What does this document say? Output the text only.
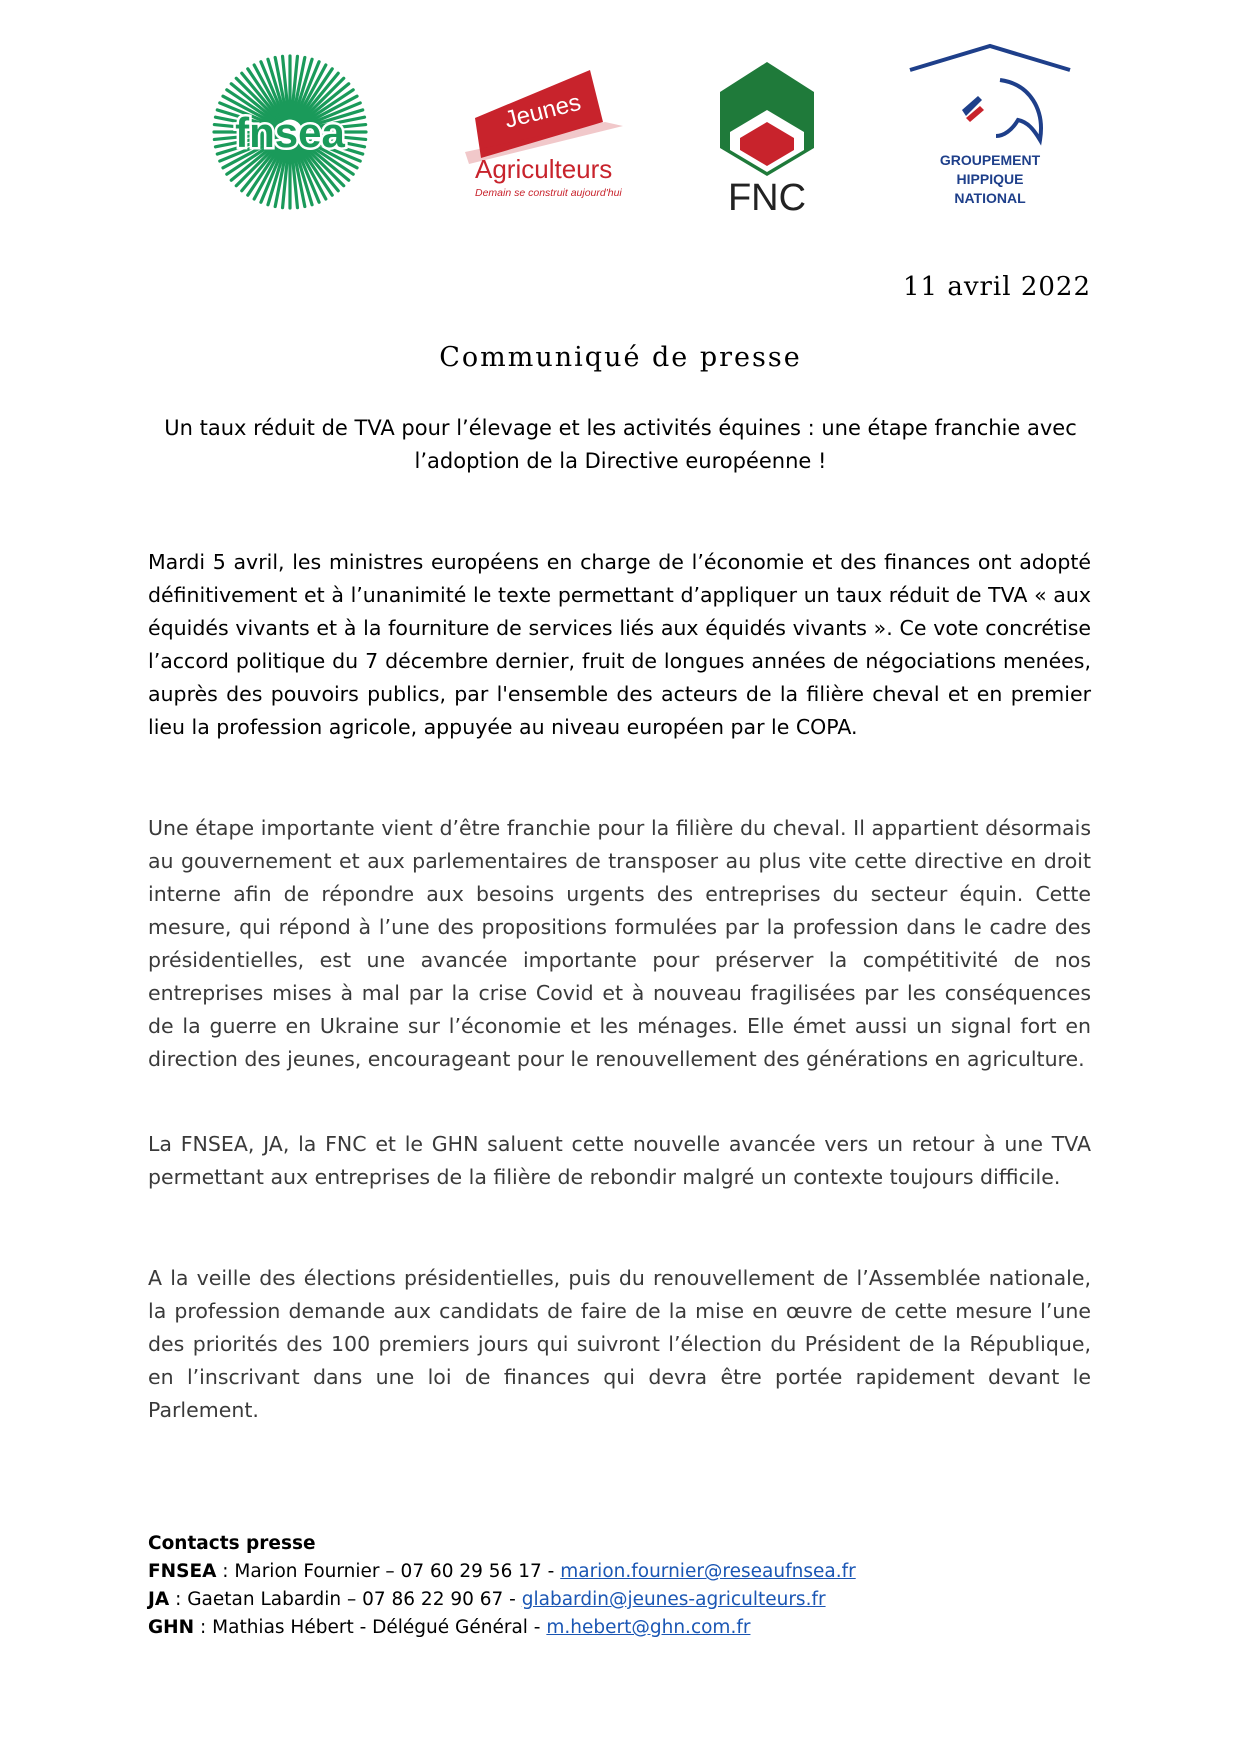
fnsea	Jeunes
Agriculteurs
Demain se construit aujourd'hui	FNC
GROUPEMENT
HIPPIQUE
NATIONAL
11 avril 2022
Communiqué de presse
Un taux réduit de TVA pour l’élevage et les activités équines : une étape franchie avec l’adoption de la Directive européenne !
Mardi 5 avril, les ministres européens en charge de l’économie et des finances ont adopté définitivement et à l’unanimité le texte permettant d’appliquer un taux réduit de TVA « aux équidés vivants et à la fourniture de services liés aux équidés vivants ». Ce vote concrétise l’accord politique du 7 décembre dernier, fruit de longues années de négociations menées, auprès des pouvoirs publics, par l'ensemble des acteurs de la filière cheval et en premier lieu la profession agricole, appuyée au niveau européen par le COPA.
Une étape importante vient d’être franchie pour la filière du cheval. Il appartient désormais au gouvernement et aux parlementaires de transposer au plus vite cette directive en droit interne afin de répondre aux besoins urgents des entreprises du secteur équin. Cette mesure, qui répond à l’une des propositions formulées par la profession dans le cadre des présidentielles, est une avancée importante pour préserver la compétitivité de nos entreprises mises à mal par la crise Covid et à nouveau fragilisées par les conséquences de la guerre en Ukraine sur l’économie et les ménages. Elle émet aussi un signal fort en direction des jeunes, encourageant pour le renouvellement des générations en agriculture.
La FNSEA, JA, la FNC et le GHN saluent cette nouvelle avancée vers un retour à une TVA permettant aux entreprises de la filière de rebondir malgré un contexte toujours difficile.
A la veille des élections présidentielles, puis du renouvellement de l’Assemblée nationale, la profession demande aux candidats de faire de la mise en œuvre de cette mesure l’une des priorités des 100 premiers jours qui suivront l’élection du Président de la République, en l’inscrivant dans une loi de finances qui devra être portée rapidement devant le Parlement.
Contacts presse
FNSEA : Marion Fournier – 07 60 29 56 17 - marion.fournier@reseaufnsea.fr
JA : Gaetan Labardin – 07 86 22 90 67 - glabardin@jeunes-agriculteurs.fr
GHN : Mathias Hébert - Délégué Général - m.hebert@ghn.com.fr
